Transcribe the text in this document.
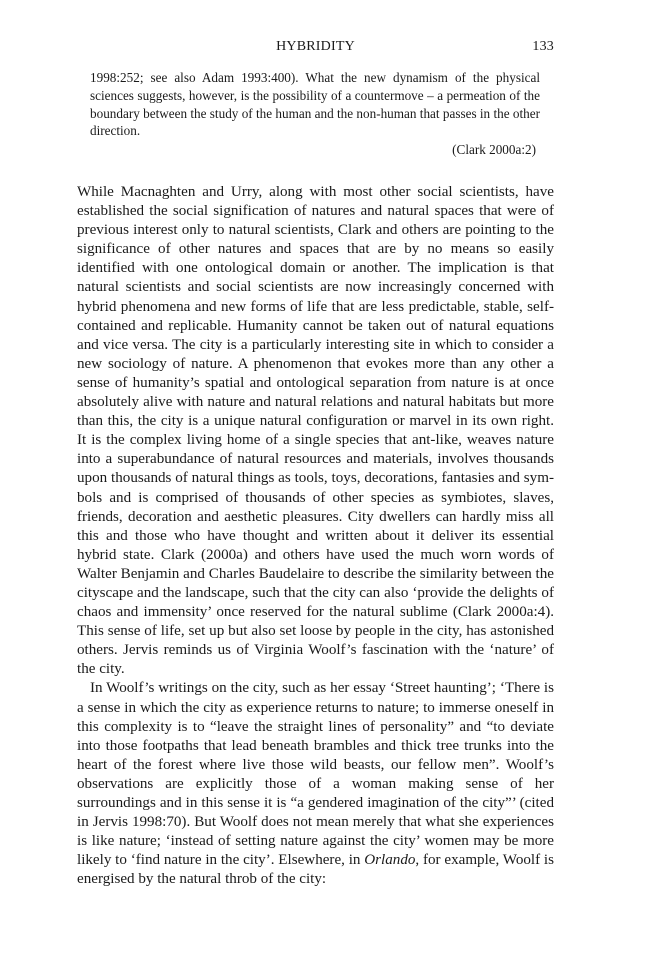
HYBRIDITY	133

1998:252; see also Adam 1993:400). What the new dynamism of the physical sciences suggests, however, is the possibility of a countermove – a permeation of the boundary between the study of the human and the non-human that passes in the other direction.

(Clark 2000a:2)

While Macnaghten and Urry, along with most other social scientists, have established the social signification of natures and natural spaces that were of previous interest only to natural scientists, Clark and others are pointing to the significance of other natures and spaces that are by no means so easily identified with one ontological domain or another. The implication is that natural scientists and social scientists are now increasingly concerned with hybrid phenomena and new forms of life that are less predictable, stable, self-contained and replicable. Humanity cannot be taken out of natural equations and vice versa. The city is a particularly interesting site in which to consider a new sociology of nature. A phenomenon that evokes more than any other a sense of humanity’s spatial and ontological separation from nature is at once absolutely alive with nature and natural relations and natural habitats but more than this, the city is a unique natural configuration or marvel in its own right. It is the complex living home of a single species that ant-like, weaves nature into a superabundance of natural resources and materials, involves thousands upon thousands of natural things as tools, toys, decorations, fantasies and symbols and is comprised of thousands of other species as symbiotes, slaves, friends, decoration and aesthetic pleasures. City dwellers can hardly miss all this and those who have thought and written about it deliver its essential hybrid state. Clark (2000a) and others have used the much worn words of Walter Benjamin and Charles Baudelaire to describe the similarity between the cityscape and the landscape, such that the city can also ‘provide the delights of chaos and immensity’ once reserved for the natural sublime (Clark 2000a:4). This sense of life, set up but also set loose by people in the city, has astonished others. Jervis reminds us of Virginia Woolf’s fascination with the ‘nature’ of the city.

In Woolf’s writings on the city, such as her essay ‘Street haunting’; ‘There is a sense in which the city as experience returns to nature; to immerse oneself in this complexity is to “leave the straight lines of personality” and “to deviate into those footpaths that lead beneath brambles and thick tree trunks into the heart of the forest where live those wild beasts, our fellow men”. Woolf’s observations are explicitly those of a woman making sense of her surroundings and in this sense it is “a gendered imagination of the city”’ (cited in Jervis 1998:70). But Woolf does not mean merely that what she experiences is like nature; ‘instead of setting nature against the city’ women may be more likely to ‘find nature in the city’. Elsewhere, in Orlando, for example, Woolf is energised by the natural throb of the city:
